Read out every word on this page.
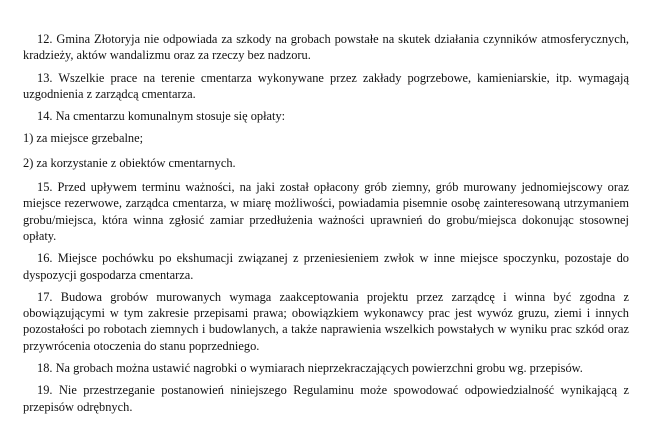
12. Gmina Złotoryja nie odpowiada za szkody na grobach powstałe na skutek działania czynników atmosferycznych, kradzieży, aktów wandalizmu oraz za rzeczy bez nadzoru.

13. Wszelkie prace na terenie cmentarza wykonywane przez zakłady pogrzebowe, kamieniarskie, itp. wymagają uzgodnienia z zarządcą cmentarza.

14. Na cmentarzu komunalnym stosuje się opłaty:

1) za miejsce grzebalne;

2) za korzystanie z obiektów cmentarnych.

15. Przed upływem terminu ważności, na jaki został opłacony grób ziemny, grób murowany jednomiejscowy oraz miejsce rezerwowe, zarządca cmentarza, w miarę możliwości, powiadamia pisemnie osobę zainteresowaną utrzymaniem grobu/miejsca, która winna zgłosić zamiar przedłużenia ważności uprawnień do grobu/miejsca dokonując stosownej opłaty.

16. Miejsce pochówku po ekshumacji związanej z przeniesieniem zwłok w inne miejsce spoczynku, pozostaje do dyspozycji gospodarza cmentarza.

17. Budowa grobów murowanych wymaga zaakceptowania projektu przez zarządcę i winna być zgodna z obowiązującymi w tym zakresie przepisami prawa; obowiązkiem wykonawcy prac jest wywóz gruzu, ziemi i innych pozostałości po robotach ziemnych i budowlanych, a także naprawienia wszelkich powstałych w wyniku prac szkód oraz przywrócenia otoczenia do stanu poprzedniego.

18. Na grobach można ustawić nagrobki o wymiarach nieprzekraczających powierzchni grobu wg. przepisów.

19. Nie przestrzeganie postanowień niniejszego Regulaminu może spowodować odpowiedzialność wynikającą z przepisów odrębnych.
